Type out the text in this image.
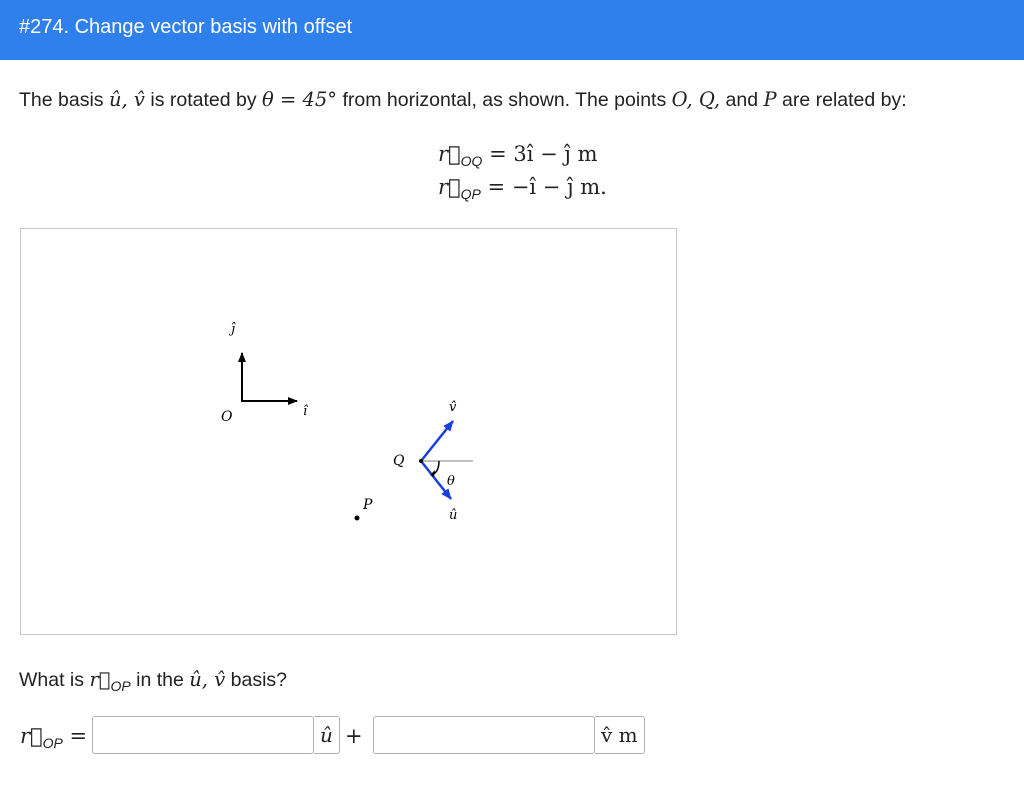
#274. Change vector basis with offset
The basis û, v̂ is rotated by θ = 45° from horizontal, as shown. The points O, Q, and P are related by:
$r⃗_{OQ}$ = 3î − ĵ m
$r⃗_{QP}$ = −î − ĵ m.
ĵ
î
O
Q
θ
v̂
û
P
What is $r⃗_{OP}$ in the û, v̂ basis?
$r⃗_{OP}$ =	û +	v̂ m
